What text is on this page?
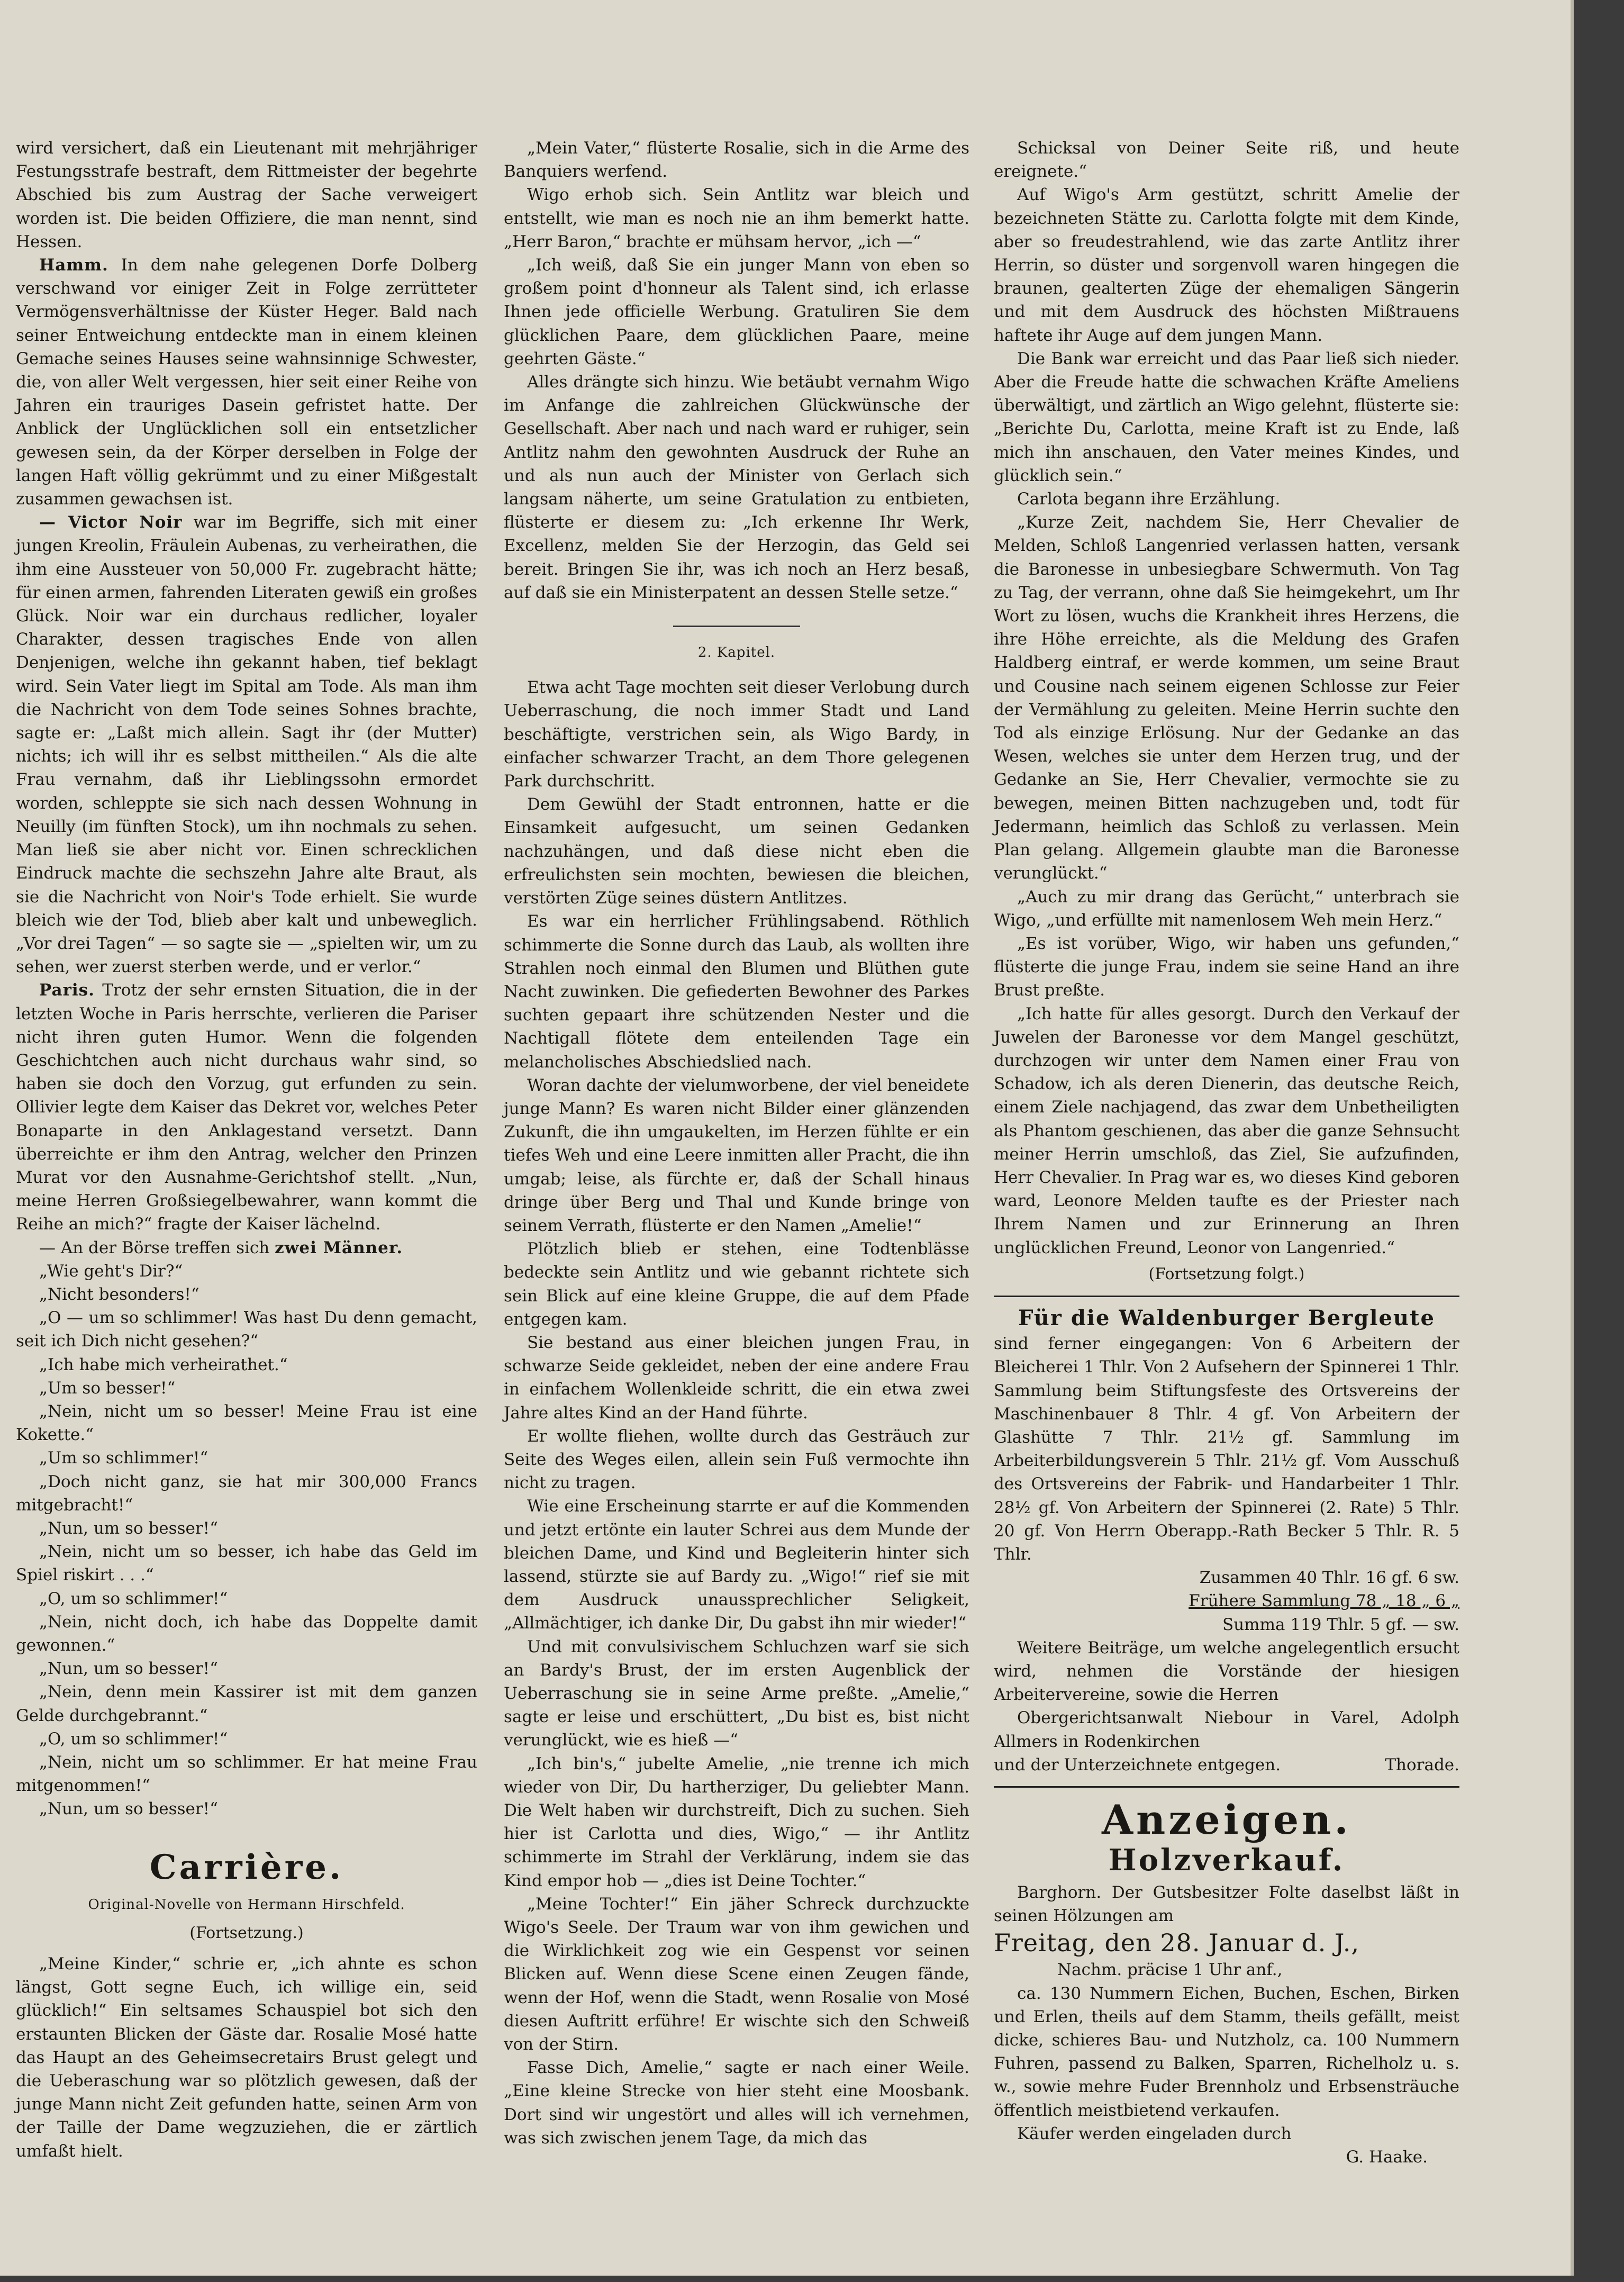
wird versichert, daß ein Lieutenant mit mehrjähriger Festungsstrafe bestraft, dem Rittmeister der begehrte Abschied bis zum Austrag der Sache verweigert worden ist. Die beiden Offiziere, die man nennt, sind Hessen.

Hamm. In dem nahe gelegenen Dorfe Dolberg verschwand vor einiger Zeit in Folge zerrütteter Vermögensverhältnisse der Küster Heger. Bald nach seiner Entweichung entdeckte man in einem kleinen Gemache seines Hauses seine wahnsinnige Schwester, die, von aller Welt vergessen, hier seit einer Reihe von Jahren ein trauriges Dasein gefristet hatte. Der Anblick der Unglücklichen soll ein entsetzlicher gewesen sein, da der Körper derselben in Folge der langen Haft völlig gekrümmt und zu einer Mißgestalt zusammen gewachsen ist.

— Victor Noir war im Begriffe, sich mit einer jungen Kreolin, Fräulein Aubenas, zu verheirathen, die ihm eine Aussteuer von 50,000 Fr. zugebracht hätte; für einen armen, fahrenden Literaten gewiß ein großes Glück. Noir war ein durchaus redlicher, loyaler Charakter, dessen tragisches Ende von allen Denjenigen, welche ihn gekannt haben, tief beklagt wird. Sein Vater liegt im Spital am Tode. Als man ihm die Nachricht von dem Tode seines Sohnes brachte, sagte er: „Laßt mich allein. Sagt ihr (der Mutter) nichts; ich will ihr es selbst mittheilen.“ Als die alte Frau vernahm, daß ihr Lieblingssohn ermordet worden, schleppte sie sich nach dessen Wohnung in Neuilly (im fünften Stock), um ihn nochmals zu sehen. Man ließ sie aber nicht vor. Einen schrecklichen Eindruck machte die sechszehn Jahre alte Braut, als sie die Nachricht von Noir's Tode erhielt. Sie wurde bleich wie der Tod, blieb aber kalt und unbeweglich. „Vor drei Tagen“ — so sagte sie — „spielten wir, um zu sehen, wer zuerst sterben werde, und er verlor.“

Paris. Trotz der sehr ernsten Situation, die in der letzten Woche in Paris herrschte, verlieren die Pariser nicht ihren guten Humor. Wenn die folgenden Geschichtchen auch nicht durchaus wahr sind, so haben sie doch den Vorzug, gut erfunden zu sein. Ollivier legte dem Kaiser das Dekret vor, welches Peter Bonaparte in den Anklagestand versetzt. Dann überreichte er ihm den Antrag, welcher den Prinzen Murat vor den Ausnahme-Gerichtshof stellt. „Nun, meine Herren Großsiegelbewahrer, wann kommt die Reihe an mich?“ fragte der Kaiser lächelnd.

— An der Börse treffen sich zwei Männer.

„Wie geht's Dir?“

„Nicht besonders!“

„O — um so schlimmer! Was hast Du denn gemacht, seit ich Dich nicht gesehen?“

„Ich habe mich verheirathet.“

„Um so besser!“

„Nein, nicht um so besser! Meine Frau ist eine Kokette.“

„Um so schlimmer!“

„Doch nicht ganz, sie hat mir 300,000 Francs mitgebracht!“

„Nun, um so besser!“

„Nein, nicht um so besser, ich habe das Geld im Spiel riskirt . . .“

„O, um so schlimmer!“

„Nein, nicht doch, ich habe das Doppelte damit gewonnen.“

„Nun, um so besser!“

„Nein, denn mein Kassirer ist mit dem ganzen Gelde durchgebrannt.“

„O, um so schlimmer!“

„Nein, nicht um so schlimmer. Er hat meine Frau mitgenommen!“

„Nun, um so besser!“

Carrière.
Original-Novelle von Hermann Hirschfeld.
(Fortsetzung.)

„Meine Kinder,“ schrie er, „ich ahnte es schon längst, Gott segne Euch, ich willige ein, seid glücklich!“ Ein seltsames Schauspiel bot sich den erstaunten Blicken der Gäste dar. Rosalie Mosé hatte das Haupt an des Geheimsecretairs Brust gelegt und die Ueberaschung war so plötzlich gewesen, daß der junge Mann nicht Zeit gefunden hatte, seinen Arm von der Taille der Dame wegzuziehen, die er zärtlich umfaßt hielt.

„Mein Vater,“ flüsterte Rosalie, sich in die Arme des Banquiers werfend.

Wigo erhob sich. Sein Antlitz war bleich und entstellt, wie man es noch nie an ihm bemerkt hatte. „Herr Baron,“ brachte er mühsam hervor, „ich —“

„Ich weiß, daß Sie ein junger Mann von eben so großem point d'honneur als Talent sind, ich erlasse Ihnen jede officielle Werbung. Gratuliren Sie dem glücklichen Paare, dem glücklichen Paare, meine geehrten Gäste.“

Alles drängte sich hinzu. Wie betäubt vernahm Wigo im Anfange die zahlreichen Glückwünsche der Gesellschaft. Aber nach und nach ward er ruhiger, sein Antlitz nahm den gewohnten Ausdruck der Ruhe an und als nun auch der Minister von Gerlach sich langsam näherte, um seine Gratulation zu entbieten, flüsterte er diesem zu: „Ich erkenne Ihr Werk, Excellenz, melden Sie der Herzogin, das Geld sei bereit. Bringen Sie ihr, was ich noch an Herz besaß, auf daß sie ein Ministerpatent an dessen Stelle setze.“

2. Kapitel.

Etwa acht Tage mochten seit dieser Verlobung durch Ueberraschung, die noch immer Stadt und Land beschäftigte, verstrichen sein, als Wigo Bardy, in einfacher schwarzer Tracht, an dem Thore gelegenen Park durchschritt.

Dem Gewühl der Stadt entronnen, hatte er die Einsamkeit aufgesucht, um seinen Gedanken nachzuhängen, und daß diese nicht eben die erfreulichsten sein mochten, bewiesen die bleichen, verstörten Züge seines düstern Antlitzes.

Es war ein herrlicher Frühlingsabend. Röthlich schimmerte die Sonne durch das Laub, als wollten ihre Strahlen noch einmal den Blumen und Blüthen gute Nacht zuwinken. Die gefiederten Bewohner des Parkes suchten gepaart ihre schützenden Nester und die Nachtigall flötete dem enteilenden Tage ein melancholisches Abschiedslied nach.

Woran dachte der vielumworbene, der viel beneidete junge Mann? Es waren nicht Bilder einer glänzenden Zukunft, die ihn umgaukelten, im Herzen fühlte er ein tiefes Weh und eine Leere inmitten aller Pracht, die ihn umgab; leise, als fürchte er, daß der Schall hinaus dringe über Berg und Thal und Kunde bringe von seinem Verrath, flüsterte er den Namen „Amelie!“

Plötzlich blieb er stehen, eine Todtenblässe bedeckte sein Antlitz und wie gebannt richtete sich sein Blick auf eine kleine Gruppe, die auf dem Pfade entgegen kam.

Sie bestand aus einer bleichen jungen Frau, in schwarze Seide gekleidet, neben der eine andere Frau in einfachem Wollenkleide schritt, die ein etwa zwei Jahre altes Kind an der Hand führte.

Er wollte fliehen, wollte durch das Gesträuch zur Seite des Weges eilen, allein sein Fuß vermochte ihn nicht zu tragen.

Wie eine Erscheinung starrte er auf die Kommenden und jetzt ertönte ein lauter Schrei aus dem Munde der bleichen Dame, und Kind und Begleiterin hinter sich lassend, stürzte sie auf Bardy zu. „Wigo!“ rief sie mit dem Ausdruck unaussprechlicher Seligkeit, „Allmächtiger, ich danke Dir, Du gabst ihn mir wieder!“

Und mit convulsivischem Schluchzen warf sie sich an Bardy's Brust, der im ersten Augenblick der Ueberraschung sie in seine Arme preßte. „Amelie,“ sagte er leise und erschüttert, „Du bist es, bist nicht verunglückt, wie es hieß —“

„Ich bin's,“ jubelte Amelie, „nie trenne ich mich wieder von Dir, Du hartherziger, Du geliebter Mann. Die Welt haben wir durchstreift, Dich zu suchen. Sieh hier ist Carlotta und dies, Wigo,“ — ihr Antlitz schimmerte im Strahl der Verklärung, indem sie das Kind empor hob — „dies ist Deine Tochter.“

„Meine Tochter!“ Ein jäher Schreck durchzuckte Wigo's Seele. Der Traum war von ihm gewichen und die Wirklichkeit zog wie ein Gespenst vor seinen Blicken auf. Wenn diese Scene einen Zeugen fände, wenn der Hof, wenn die Stadt, wenn Rosalie von Mosé diesen Auftritt erführe! Er wischte sich den Schweiß von der Stirn.

Fasse Dich, Amelie,“ sagte er nach einer Weile. „Eine kleine Strecke von hier steht eine Moosbank. Dort sind wir ungestört und alles will ich vernehmen, was sich zwischen jenem Tage, da mich das

Schicksal von Deiner Seite riß, und heute ereignete.“

Auf Wigo's Arm gestützt, schritt Amelie der bezeichneten Stätte zu. Carlotta folgte mit dem Kinde, aber so freudestrahlend, wie das zarte Antlitz ihrer Herrin, so düster und sorgenvoll waren hingegen die braunen, gealterten Züge der ehemaligen Sängerin und mit dem Ausdruck des höchsten Mißtrauens haftete ihr Auge auf dem jungen Mann.

Die Bank war erreicht und das Paar ließ sich nieder. Aber die Freude hatte die schwachen Kräfte Ameliens überwältigt, und zärtlich an Wigo gelehnt, flüsterte sie: „Berichte Du, Carlotta, meine Kraft ist zu Ende, laß mich ihn anschauen, den Vater meines Kindes, und glücklich sein.“

Carlota begann ihre Erzählung.

„Kurze Zeit, nachdem Sie, Herr Chevalier de Melden, Schloß Langenried verlassen hatten, versank die Baronesse in unbesiegbare Schwermuth. Von Tag zu Tag, der verrann, ohne daß Sie heimgekehrt, um Ihr Wort zu lösen, wuchs die Krankheit ihres Herzens, die ihre Höhe erreichte, als die Meldung des Grafen Haldberg eintraf, er werde kommen, um seine Braut und Cousine nach seinem eigenen Schlosse zur Feier der Vermählung zu geleiten. Meine Herrin suchte den Tod als einzige Erlösung. Nur der Gedanke an das Wesen, welches sie unter dem Herzen trug, und der Gedanke an Sie, Herr Chevalier, vermochte sie zu bewegen, meinen Bitten nachzugeben und, todt für Jedermann, heimlich das Schloß zu verlassen. Mein Plan gelang. Allgemein glaubte man die Baronesse verunglückt.“

„Auch zu mir drang das Gerücht,“ unterbrach sie Wigo, „und erfüllte mit namenlosem Weh mein Herz.“

„Es ist vorüber, Wigo, wir haben uns gefunden,“ flüsterte die junge Frau, indem sie seine Hand an ihre Brust preßte.

„Ich hatte für alles gesorgt. Durch den Verkauf der Juwelen der Baronesse vor dem Mangel geschützt, durchzogen wir unter dem Namen einer Frau von Schadow, ich als deren Dienerin, das deutsche Reich, einem Ziele nachjagend, das zwar dem Unbetheiligten als Phantom geschienen, das aber die ganze Sehnsucht meiner Herrin umschloß, das Ziel, Sie aufzufinden, Herr Chevalier. In Prag war es, wo dieses Kind geboren ward, Leonore Melden taufte es der Priester nach Ihrem Namen und zur Erinnerung an Ihren unglücklichen Freund, Leonor von Langenried.“

(Fortsetzung folgt.)
Für die Waldenburger Bergleute

sind ferner eingegangen: Von 6 Arbeitern der Bleicherei 1 Thlr. Von 2 Aufsehern der Spinnerei 1 Thlr. Sammlung beim Stiftungsfeste des Ortsvereins der Maschinenbauer 8 Thlr. 4 gf. Von Arbeitern der Glashütte 7 Thlr. 21½ gf. Sammlung im Arbeiterbildungsverein 5 Thlr. 21½ gf. Vom Ausschuß des Ortsvereins der Fabrik- und Handarbeiter 1 Thlr. 28½ gf. Von Arbeitern der Spinnerei (2. Rate) 5 Thlr. 20 gf. Von Herrn Oberapp.-Rath Becker 5 Thlr. R. 5 Thlr.

Zusammen 40 Thlr. 16 gf. 6 sw.
Frühere Sammlung 78 „ 18 „ 6 „
Summa 119 Thlr. 5 gf. — sw.

Weitere Beiträge, um welche angelegentlich ersucht wird, nehmen die Vorstände der hiesigen Arbeitervereine, sowie die Herren

Obergerichtsanwalt Niebour in Varel, Adolph Allmers in Rodenkirchen

und der Unterzeichnete entgegen.	Thorade.

Anzeigen.
Holzverkauf.

Barghorn. Der Gutsbesitzer Folte daselbst läßt in seinen Hölzungen am

Freitag, den 28. Januar d. J.,
Nachm. präcise 1 Uhr anf.,

ca. 130 Nummern Eichen, Buchen, Eschen, Birken und Erlen, theils auf dem Stamm, theils gefällt, meist dicke, schieres Bau- und Nutzholz, ca. 100 Nummern Fuhren, passend zu Balken, Sparren, Richelholz u. s. w., sowie mehre Fuder Brennholz und Erbsensträuche öffentlich meistbietend verkaufen.

Käufer werden eingeladen durch

G. Haake.
